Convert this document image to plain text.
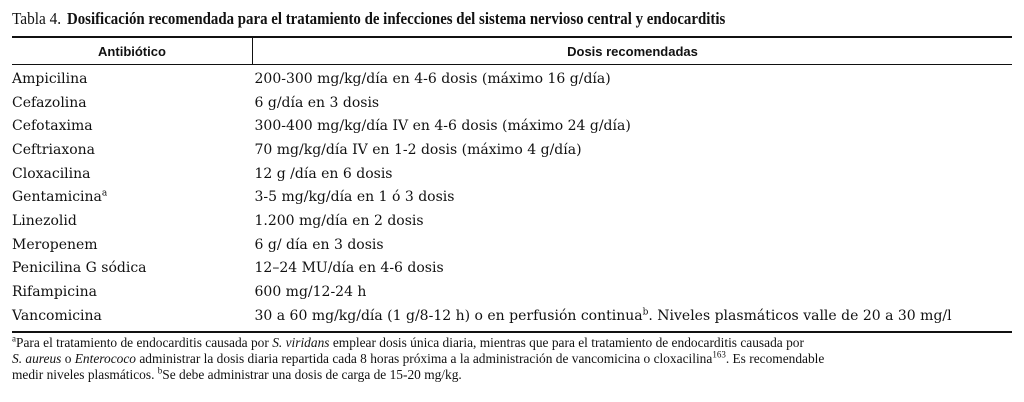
Tabla 4. Dosificación recomendada para el tratamiento de infecciones del sistema nervioso central y endocarditis
Antibiótico	Dosis recomendadas

Ampicilina	200-300 mg/kg/día en 4-6 dosis (máximo 16 g/día)
Cefazolina	6 g/día en 3 dosis
Cefotaxima	300-400 mg/kg/día IV en 4-6 dosis (máximo 24 g/día)
Ceftriaxona	70 mg/kg/día IV en 1-2 dosis (máximo 4 g/día)
Cloxacilina	12 g /día en 6 dosis
Gentamicina$^a$	3-5 mg/kg/día en 1 ó 3 dosis
Linezolid	1.200 mg/día en 2 dosis
Meropenem	6 g/ día en 3 dosis
Penicilina G sódica	12–24 MU/día en 4-6 dosis
Rifampicina	600 mg/12-24 h
Vancomicina	30 a 60 mg/kg/día (1 g/8-12 h) o en perfusión continua$^b$. Niveles plasmáticos valle de 20 a 30 mg/l
$^a$Para el tratamiento de endocarditis causada por S. viridans emplear dosis única diaria, mientras que para el tratamiento de endocarditis causada por
S. aureus o Enterococo administrar la dosis diaria repartida cada 8 horas próxima a la administración de vancomicina o cloxacilina$^{163}$. Es recomendable
medir niveles plasmáticos. $^b$Se debe administrar una dosis de carga de 15-20 mg/kg.
